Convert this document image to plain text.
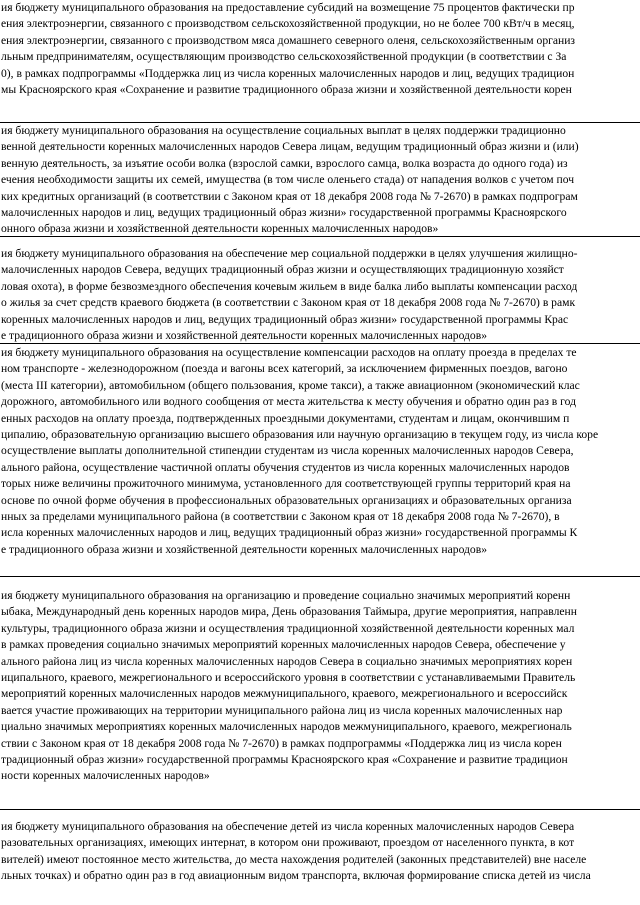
ия бюджету муниципального образования на предоставление субсидий на возмещение 75 процентов фактически пр
ения электроэнергии, связанного с производством сельскохозяйственной продукции, но не более 700 кВт/ч в месяц,
ения электроэнергии, связанного с производством мяса домашнего северного оленя, сельскохозяйственным организ
льным предпринимателям, осуществляющим производство сельскохозяйственной продукции (в соответствии с За
0), в рамках подпрограммы «Поддержка лиц из числа коренных малочисленных народов и лиц, ведущих традицион
мы Красноярского края «Сохранение и развитие традиционного образа жизни и хозяйственной деятельности корен
ия бюджету муниципального образования на осуществление социальных выплат в целях поддержки традиционно
венной деятельности коренных малочисленных народов Севера лицам, ведущим традиционный образ жизни и (или)
венную деятельность, за изъятие особи волка (взрослой самки, взрослого самца, волка возраста до одного года) из
ечения необходимости защиты их семей, имущества (в том числе оленьего стада) от нападения волков с учетом поч
ких кредитных организаций (в соответствии с Законом края от 18 декабря 2008 года № 7-2670) в рамках подпрограм
малочисленных народов и лиц, ведущих традиционный образ жизни» государственной программы Красноярского
онного образа жизни и хозяйственной деятельности коренных малочисленных народов»
ия бюджету муниципального образования на обеспечение мер социальной поддержки в целях улучшения жилищно-
малочисленных народов Севера, ведущих традиционный образ жизни и осуществляющих традиционную хозяйст
ловая охота), в форме безвозмездного обеспечения кочевым жильем в виде балка либо выплаты компенсации расход
о жилья за счет средств краевого бюджета (в соответствии с Законом края от 18 декабря 2008 года № 7-2670) в рамк
коренных малочисленных народов и лиц, ведущих традиционный образ жизни» государственной программы Крас
е традиционного образа жизни и хозяйственной деятельности коренных малочисленных народов»
ия бюджету муниципального образования на осуществление компенсации расходов на оплату проезда в пределах те
ном транспорте - железнодорожном (поезда и вагоны всех категорий, за исключением фирменных поездов, вагоно
(места III категории), автомобильном (общего пользования, кроме такси), а также авиационном (экономический клас
дорожного, автомобильного или водного сообщения от места жительства к месту обучения и обратно один раз в год
енных расходов на оплату проезда, подтвержденных проездными документами, студентам и лицам, окончившим п
ципалию, образовательную организацию высшего образования или научную организацию в текущем году, из числа коре
осуществление выплаты дополнительной стипендии студентам из числа коренных малочисленных народов Севера,
ального района, осуществление частичной оплаты обучения студентов из числа коренных малочисленных народов
торых ниже величины прожиточного минимума, установленного для соответствующей группы территорий края на
основе по очной форме обучения в профессиональных образовательных организациях и образовательных организа
нных за пределами муниципального района (в соответствии с Законом края от 18 декабря 2008 года № 7-2670), в
исла коренных малочисленных народов и лиц, ведущих традиционный образ жизни» государственной программы К
е традиционного образа жизни и хозяйственной деятельности коренных малочисленных народов»
ия бюджету муниципального образования на организацию и проведение социально значимых мероприятий коренн
ыбака, Международный день коренных народов мира, День образования Таймыра, другие мероприятия, направленн
культуры, традиционного образа жизни и осуществления традиционной хозяйственной деятельности коренных мал
в рамках проведения социально значимых мероприятий коренных малочисленных народов Севера, обеспечение у
ального района лиц из числа коренных малочисленных народов Севера в социально значимых мероприятиях корен
иципального, краевого, межрегионального и всероссийского уровня в соответствии с устанавливаемыми Правитель
мероприятий коренных малочисленных народов межмуниципального, краевого, межрегионального и всероссийск
вается участие проживающих на территории муниципального района лиц из числа коренных малочисленных нар
циально значимых мероприятиях коренных малочисленных народов межмуниципального, краевого, межрегиональ
ствии с Законом края от 18 декабря 2008 года № 7-2670) в рамках подпрограммы «Поддержка лиц из числа корен
традиционный образ жизни» государственной программы Красноярского края «Сохранение и развитие традицион
ности коренных малочисленных народов»
ия бюджету муниципального образования на обеспечение детей из числа коренных малочисленных народов Севера
разовательных организациях, имеющих интернат, в котором они проживают, проездом от населенного пункта, в кот
вителей) имеют постоянное место жительства, до места нахождения родителей (законных представителей) вне населе
льных точках) и обратно один раз в год авиационным видом транспорта, включая формирование списка детей из числа
